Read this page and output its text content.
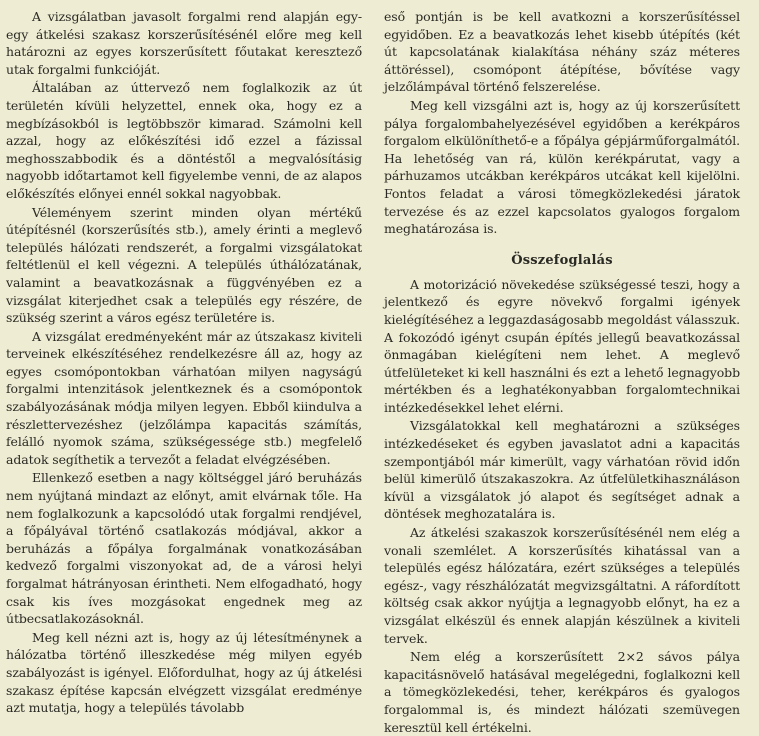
A vizsgálatban javasolt forgalmi rend alapján egy-egy átkelési szakasz korszerűsítésénél előre meg kell határozni az egyes korszerűsített főutakat keresztező utak forgalmi funkcióját.

Általában az úttervező nem foglalkozik az út területén kívüli helyzettel, ennek oka, hogy ez a megbízásokból is legtöbbször kimarad. Számolni kell azzal, hogy az előkészítési idő ezzel a fázissal meghosszabbodik és a döntéstől a megvalósításig nagyobb időtartamot kell figyelembe venni, de az alapos előkészítés előnyei ennél sokkal nagyobbak.

Véleményem szerint minden olyan mértékű útépítésnél (korszerűsítés stb.), amely érinti a meglevő település hálózati rendszerét, a forgalmi vizsgálatokat feltétlenül el kell végezni. A település úthálózatának, valamint a beavatkozásnak a függvényében ez a vizsgálat kiterjedhet csak a település egy részére, de szükség szerint a város egész területére is.

A vizsgálat eredményeként már az útszakasz kiviteli terveinek elkészítéséhez rendelkezésre áll az, hogy az egyes csomópontokban várhatóan milyen nagyságú forgalmi intenzitások jelentkeznek és a csomópontok szabályozásának módja milyen legyen. Ebből kiindulva a részlettervezéshez (jelzőlámpa kapacitás számítás, felálló nyomok száma, szükségessége stb.) megfelelő adatok segíthetik a tervezőt a feladat elvégzésében.

Ellenkező esetben a nagy költséggel járó beruházás nem nyújtaná mindazt az előnyt, amit elvárnak tőle. Ha nem foglalkozunk a kapcsolódó utak forgalmi rendjével, a főpályával történő csatlakozás módjával, akkor a beruházás a főpálya forgalmának vonatkozásában kedvező forgalmi viszonyokat ad, de a városi helyi forgalmat hátrányosan érintheti. Nem elfogadható, hogy csak kis íves mozgásokat engednek meg az útbecsatlakozásoknál.

Meg kell nézni azt is, hogy az új létesítménynek a hálózatba történő illeszkedése még milyen egyéb szabályozást is igényel. Előfordulhat, hogy az új átkelési szakasz építése kapcsán elvégzett vizsgálat eredménye azt mutatja, hogy a település távolabb

eső pontján is be kell avatkozni a korszerűsítéssel egyidőben. Ez a beavatkozás lehet kisebb útépítés (két út kapcsolatának kialakítása néhány száz méteres áttöréssel), csomópont átépítése, bővítése vagy jelzőlámpával történő felszerelése.

Meg kell vizsgálni azt is, hogy az új korszerűsített pálya forgalombahelyezésével egyidőben a kerékpáros forgalom elkülöníthető-e a főpálya gépjárműforgalmától. Ha lehetőség van rá, külön kerékpárutat, vagy a párhuzamos utcákban kerékpáros utcákat kell kijelölni. Fontos feladat a városi tömegközlekedési járatok tervezése és az ezzel kapcsolatos gyalogos forgalom meghatározása is.

Összefoglalás

A motorizáció növekedése szükségessé teszi, hogy a jelentkező és egyre növekvő forgalmi igények kielégítéséhez a leggazdaságosabb megoldást válasszuk. A fokozódó igényt csupán építés jellegű beavatkozással önmagában kielégíteni nem lehet. A meglevő útfelületeket ki kell használni és ezt a lehető legnagyobb mértékben és a leghatékonyabban forgalomtechnikai intézkedésekkel lehet elérni.

Vizsgálatokkal kell meghatározni a szükséges intézkedéseket és egyben javaslatot adni a kapacitás szempontjából már kimerült, vagy várhatóan rövid időn belül kimerülő útszakaszokra. Az útfelületkihasználáson kívül a vizsgálatok jó alapot és segítséget adnak a döntések meghozatalára is.

Az átkelési szakaszok korszerűsítésénél nem elég a vonali szemlélet. A korszerűsítés kihatással van a település egész hálózatára, ezért szükséges a település egész-, vagy részhálózatát megvizsgáltatni. A ráfordított költség csak akkor nyújtja a legnagyobb előnyt, ha ez a vizsgálat elkészül és ennek alapján készülnek a kiviteli tervek.

Nem elég a korszerűsített 2×2 sávos pálya kapacitásnövelő hatásával megelégedni, foglalkozni kell a tömegközlekedési, teher, kerékpáros és gyalogos forgalommal is, és mindezt hálózati szemüvegen keresztül kell értékelni.
